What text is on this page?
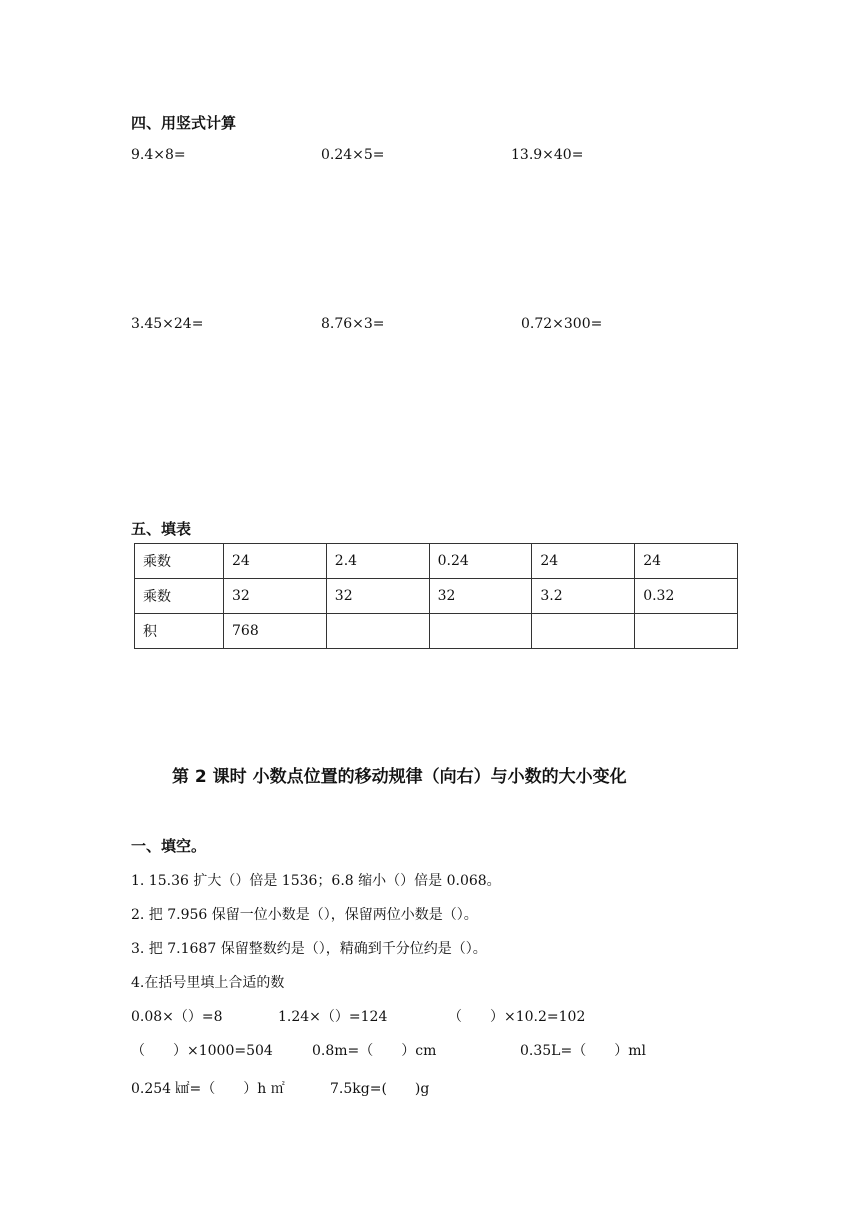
四、用竖式计算
9.4×8=	0.24×5=	13.9×40=
3.45×24=	8.76×3=	0.72×300=
五、填表
乘数	24	2.4	0.24	24	24
乘数	32	32	32	3.2	0.32
积	768				
第 2 课时 小数点位置的移动规律（向右）与小数的大小变化
一、填空。
1. 15.36 扩大（）倍是 1536；6.8 缩小（）倍是 0.068。
2. 把 7.956 保留一位小数是（），保留两位小数是（）。
3. 把 7.1687 保留整数约是（），精确到千分位约是（）。
4.在括号里填上合适的数
0.08×（）=8	1.24×（）=124	（　　）×10.2=102
（　　）×1000=504	0.8m=（　　）cm	0.35L=（　　）ml
0.254 ㎢=（　　）h ㎡	7.5kg=(　　)g
